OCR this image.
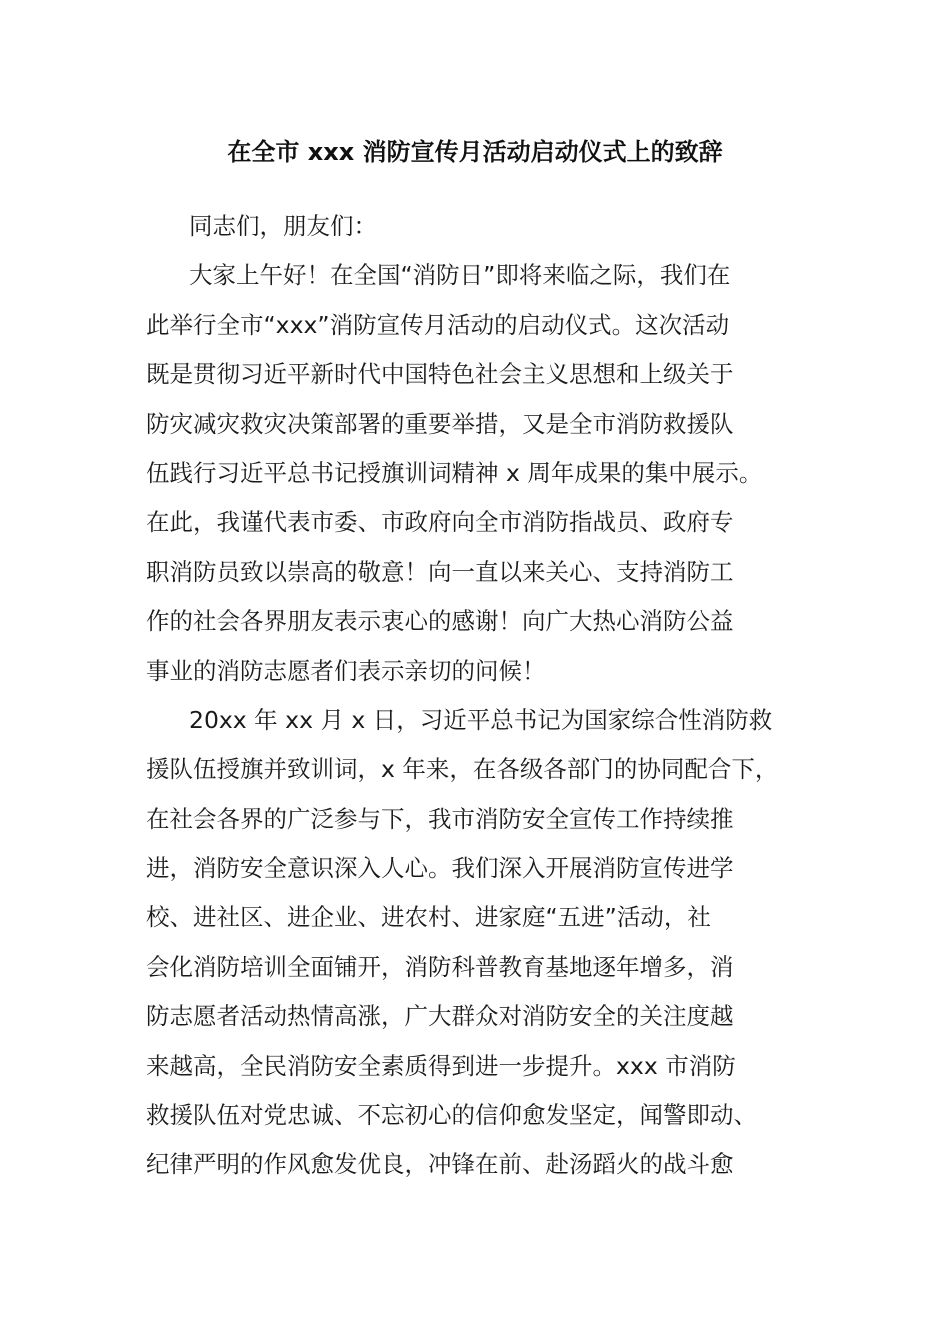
在全市 xxx 消防宣传月活动启动仪式上的致辞
同志们，朋友们：
大家上午好！在全国“消防日”即将来临之际，我们在
此举行全市“xxx”消防宣传月活动的启动仪式。这次活动
既是贯彻习近平新时代中国特色社会主义思想和上级关于
防灾减灾救灾决策部署的重要举措，又是全市消防救援队
伍践行习近平总书记授旗训词精神 x 周年成果的集中展示。
在此，我谨代表市委、市政府向全市消防指战员、政府专
职消防员致以崇高的敬意！向一直以来关心、支持消防工
作的社会各界朋友表示衷心的感谢！向广大热心消防公益
事业的消防志愿者们表示亲切的问候！
20xx 年 xx 月 x 日，习近平总书记为国家综合性消防救
援队伍授旗并致训词，x 年来，在各级各部门的协同配合下，
在社会各界的广泛参与下，我市消防安全宣传工作持续推
进，消防安全意识深入人心。我们深入开展消防宣传进学
校、进社区、进企业、进农村、进家庭“五进”活动，社
会化消防培训全面铺开，消防科普教育基地逐年增多，消
防志愿者活动热情高涨，广大群众对消防安全的关注度越
来越高，全民消防安全素质得到进一步提升。xxx 市消防
救援队伍对党忠诚、不忘初心的信仰愈发坚定，闻警即动、
纪律严明的作风愈发优良，冲锋在前、赴汤蹈火的战斗愈
